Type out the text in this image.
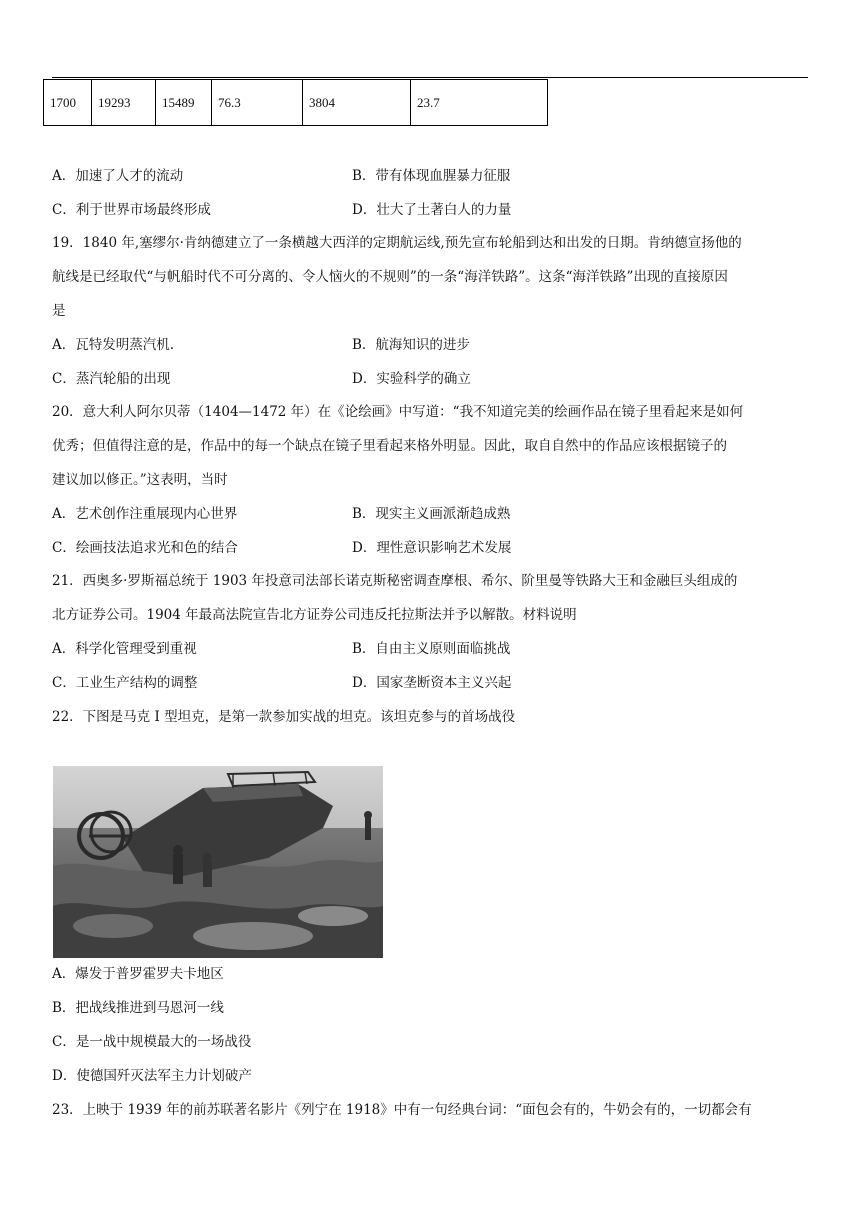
1700	19293	15489	76.3	3804	23.7
A．加速了人才的流动	B．带有体现血腥暴力征服
C．利于世界市场最终形成	D．壮大了土著白人的力量
19．1840 年,塞缪尔·肯纳德建立了一条横越大西洋的定期航运线,预先宣布轮船到达和出发的日期。肯纳德宣扬他的
航线是已经取代“与帆船时代不可分离的、令人恼火的不规则”的一条“海洋铁路”。这条“海洋铁路”出现的直接原因
是
A．瓦特发明蒸汽机.	B．航海知识的进步
C．蒸汽轮船的出现	D．实验科学的确立
20．意大利人阿尔贝蒂（1404—1472 年）在《论绘画》中写道：“我不知道完美的绘画作品在镜子里看起来是如何
优秀；但值得注意的是，作品中的每一个缺点在镜子里看起来格外明显。因此，取自自然中的作品应该根据镜子的
建议加以修正。”这表明，当时
A．艺术创作注重展现内心世界	B．现实主义画派渐趋成熟
C．绘画技法追求光和色的结合	D．理性意识影响艺术发展
21．西奥多·罗斯福总统于 1903 年投意司法部长诺克斯秘密调查摩根、希尔、阶里曼等铁路大王和金融巨头组成的
北方证券公司。1904 年最高法院宣告北方证券公司违反托拉斯法并予以解散。材料说明
A．科学化管理受到重视	B．自由主义原则面临挑战
C．工业生产结构的调整	D．国家垄断资本主义兴起
22．下图是马克 I 型坦克，是第一款参加实战的坦克。该坦克参与的首场战役
A．爆发于普罗霍罗夫卡地区
B．把战线推进到马恩河一线
C．是一战中规模最大的一场战役
D．使德国歼灭法军主力计划破产
23．上映于 1939 年的前苏联著名影片《列宁在 1918》中有一句经典台词：“面包会有的，牛奶会有的，一切都会有
